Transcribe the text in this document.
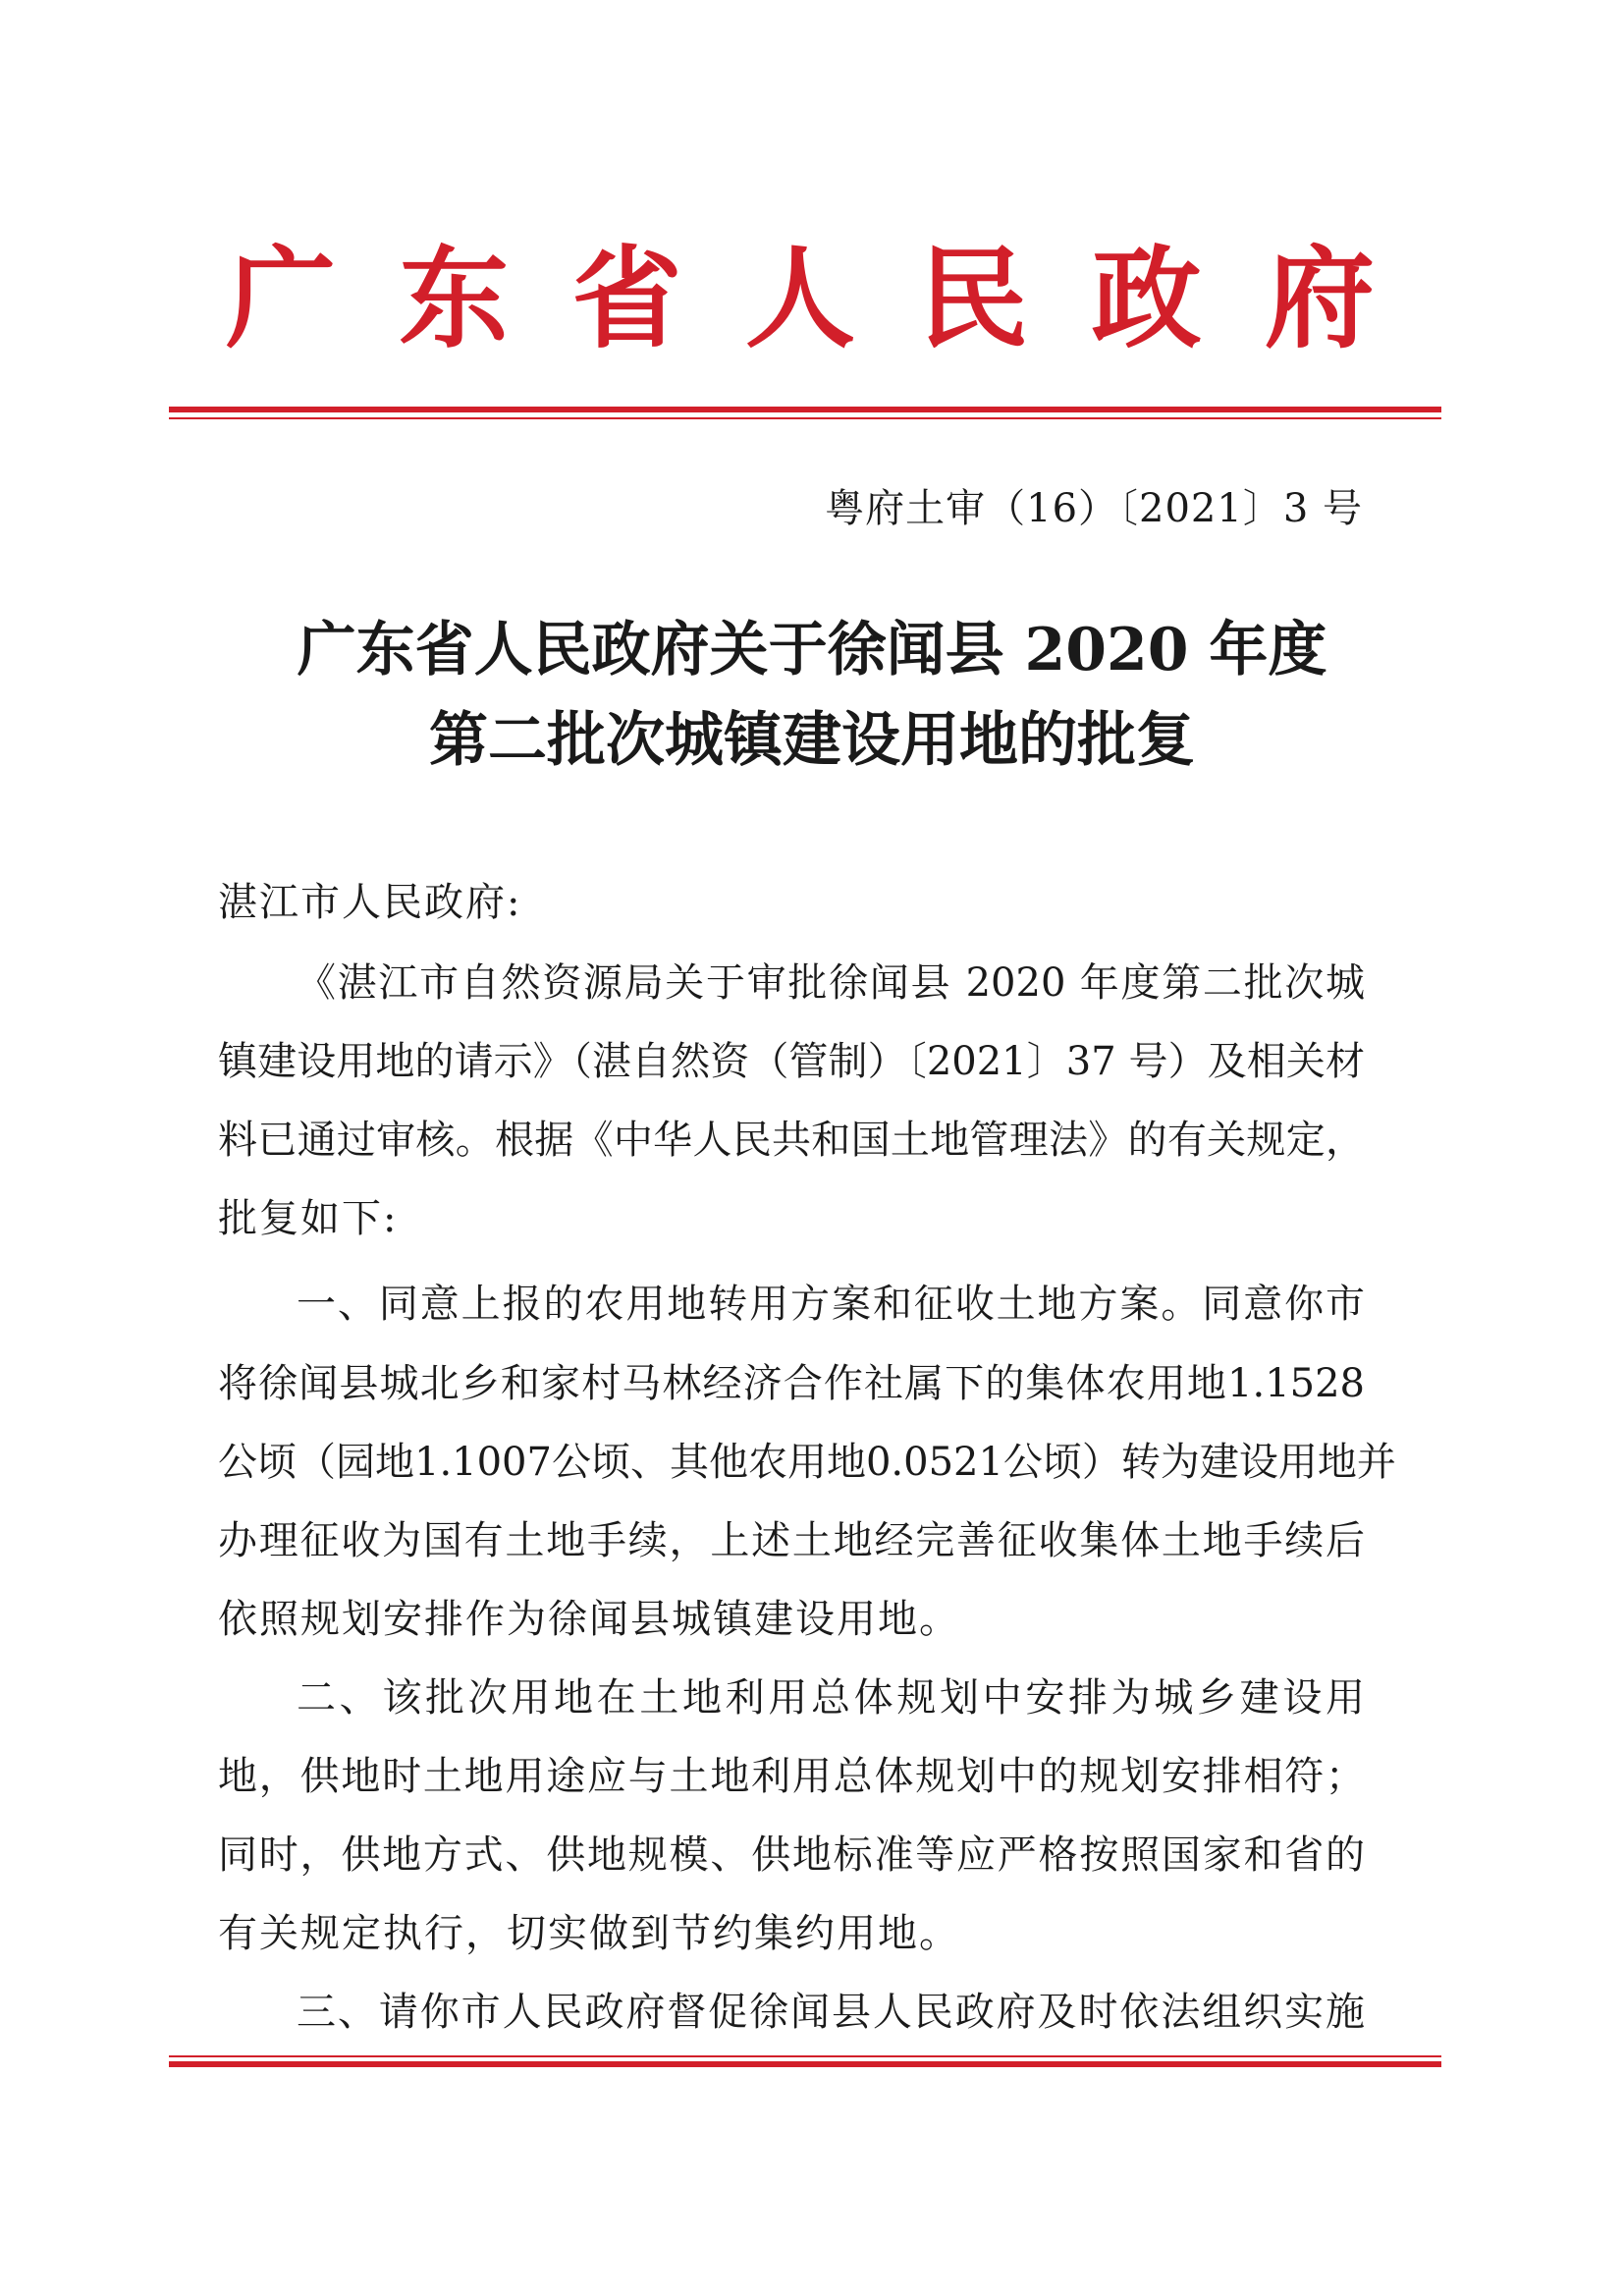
广 东 省 人 民 政 府
粤府土审（16）〔2021〕3 号
广东省人民政府关于徐闻县 2020 年度
第二批次城镇建设用地的批复
湛江市人民政府:
《湛江市自然资源局关于审批徐闻县 2020 年度第二批次城
镇建设用地的请示》（湛自然资（管制）〔2021〕37 号）及相关材
料已通过审核。根据《中华人民共和国土地管理法》的有关规定，
批复如下:
一、同意上报的农用地转用方案和征收土地方案。同意你市
将徐闻县城北乡和家村马林经济合作社属下的集体农用地1.1528
公顷（园地1.1007公顷、其他农用地0.0521公顷）转为建设用地并
办理征收为国有土地手续，上述土地经完善征收集体土地手续后
依照规划安排作为徐闻县城镇建设用地。
二、该批次用地在土地利用总体规划中安排为城乡建设用
地，供地时土地用途应与土地利用总体规划中的规划安排相符；
同时，供地方式、供地规模、供地标准等应严格按照国家和省的
有关规定执行，切实做到节约集约用地。
三、请你市人民政府督促徐闻县人民政府及时依法组织实施
